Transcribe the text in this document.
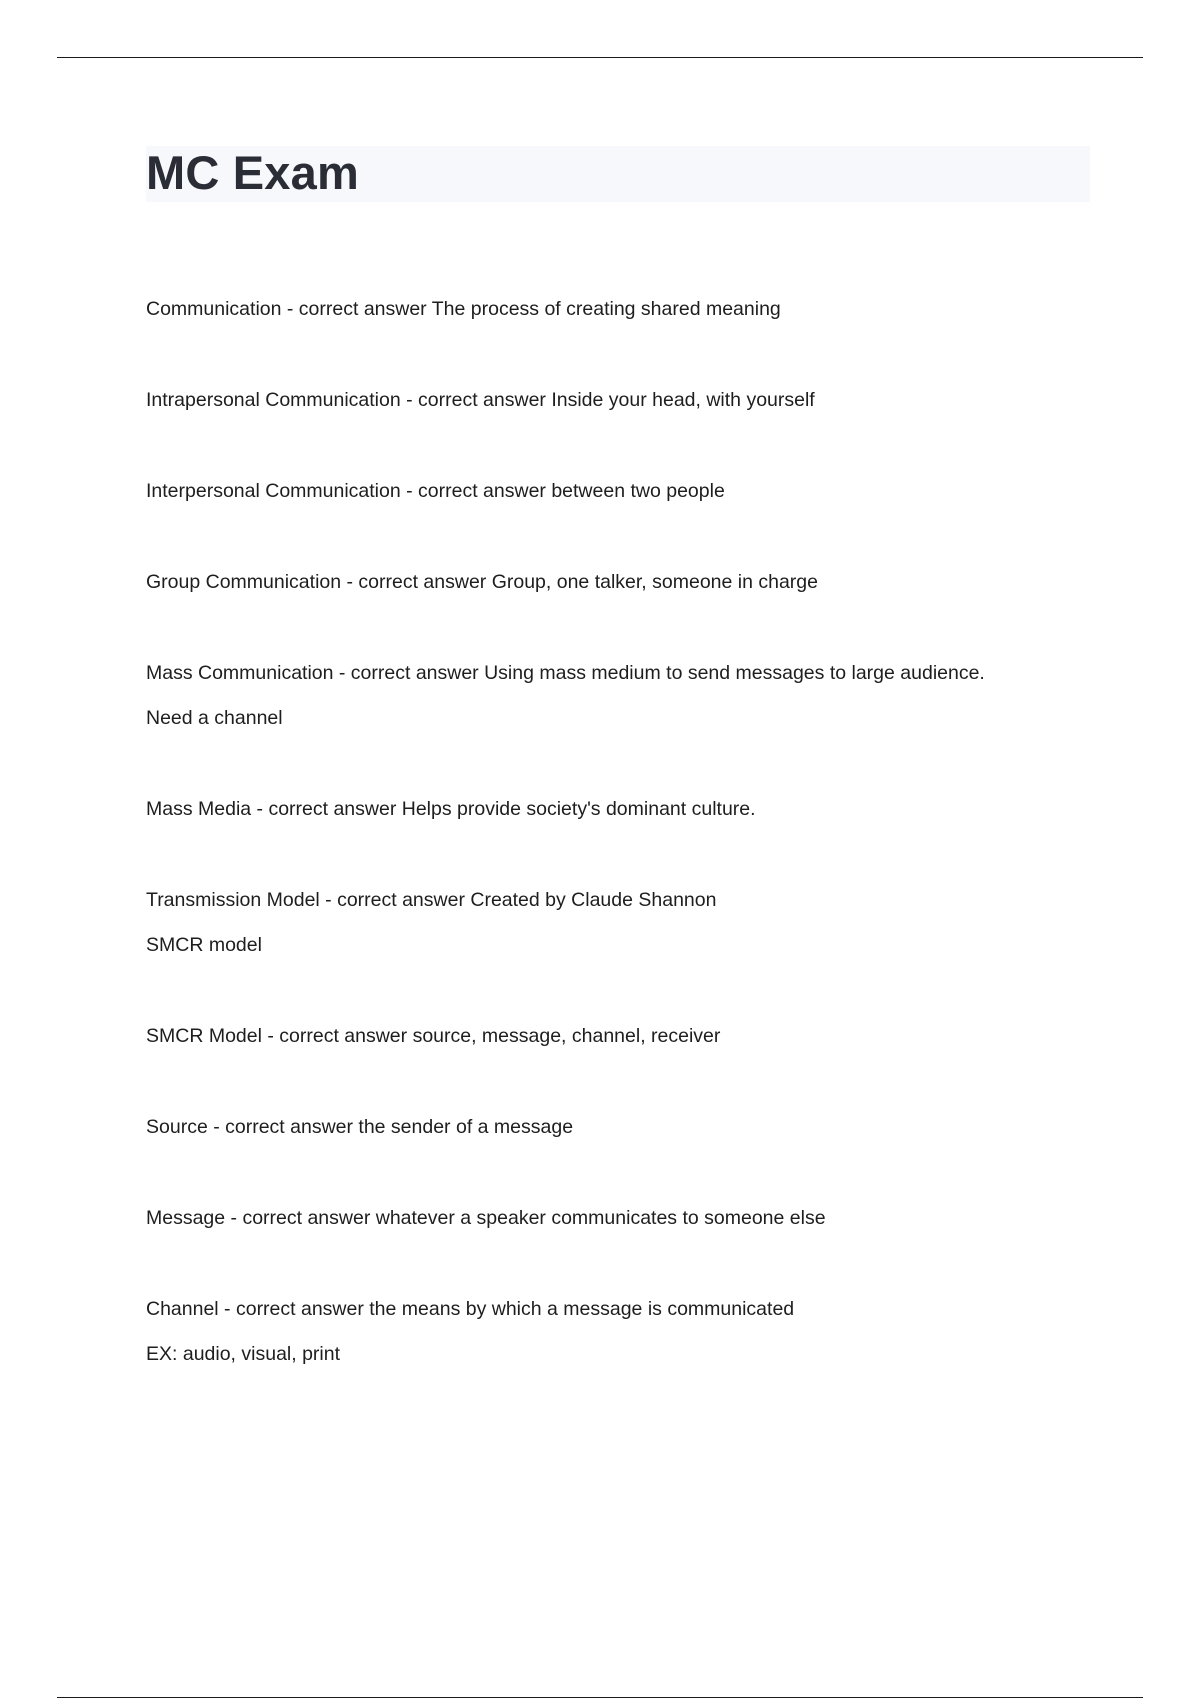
MC Exam

Communication - correct answer The process of creating shared meaning

Intrapersonal Communication - correct answer Inside your head, with yourself

Interpersonal Communication - correct answer between two people

Group Communication - correct answer Group, one talker, someone in charge

Mass Communication - correct answer Using mass medium to send messages to large audience.

Need a channel

Mass Media - correct answer Helps provide society's dominant culture.

Transmission Model - correct answer Created by Claude Shannon

SMCR model

SMCR Model - correct answer source, message, channel, receiver

Source - correct answer the sender of a message

Message - correct answer whatever a speaker communicates to someone else

Channel - correct answer the means by which a message is communicated

EX: audio, visual, print
